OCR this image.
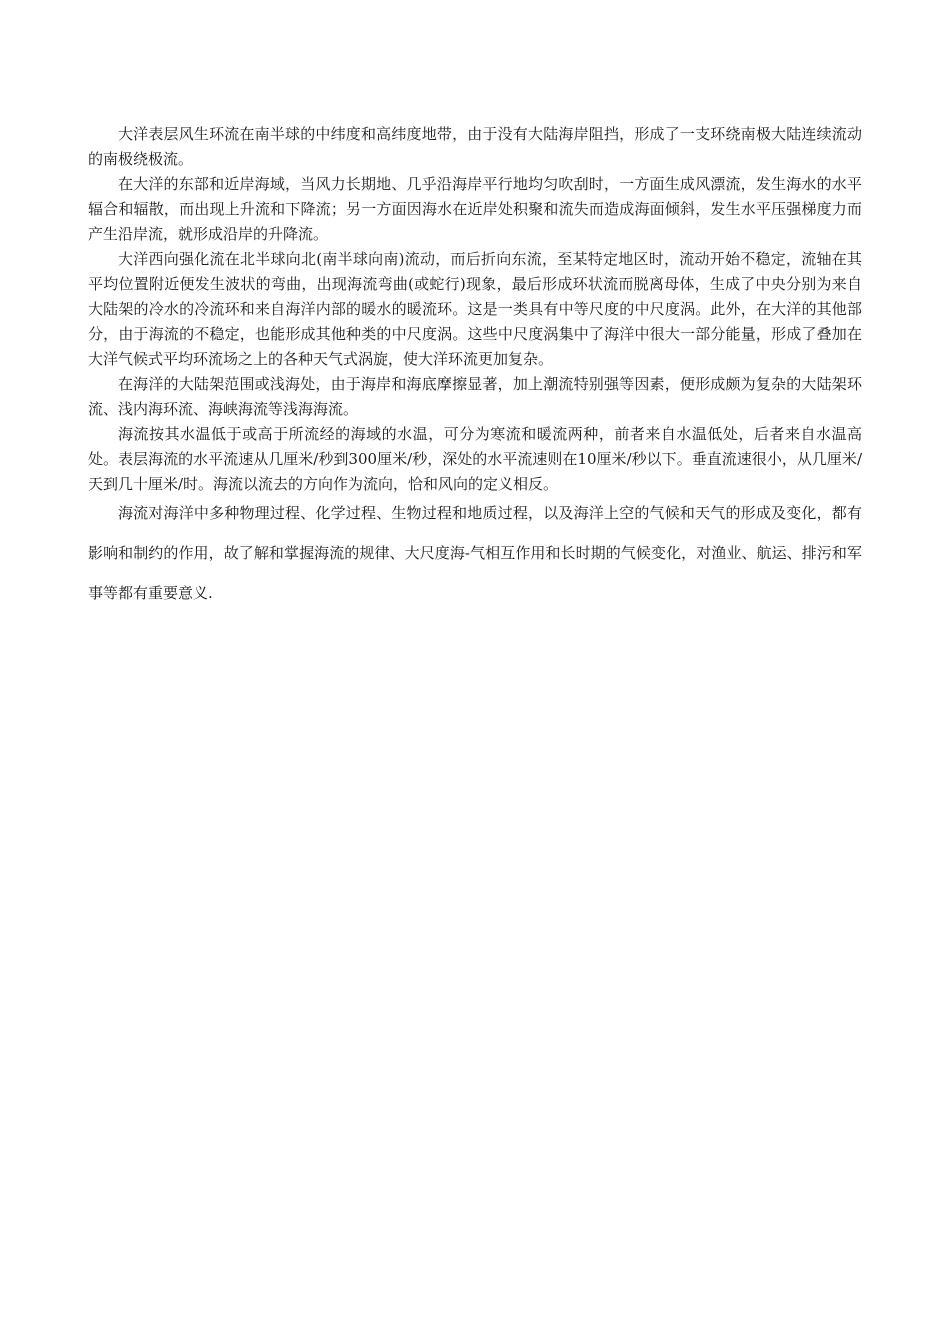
大洋表层风生环流在南半球的中纬度和高纬度地带，由于没有大陆海岸阻挡，形成了一支环绕南极大陆连续流动的南极绕极流。

在大洋的东部和近岸海域，当风力长期地、几乎沿海岸平行地均匀吹刮时，一方面生成风漂流，发生海水的水平辐合和辐散，而出现上升流和下降流；另一方面因海水在近岸处积聚和流失而造成海面倾斜，发生水平压强梯度力而产生沿岸流，就形成沿岸的升降流。

大洋西向强化流在北半球向北(南半球向南)流动，而后折向东流，至某特定地区时，流动开始不稳定，流轴在其平均位置附近便发生波状的弯曲，出现海流弯曲(或蛇行)现象，最后形成环状流而脱离母体，生成了中央分别为来自大陆架的冷水的冷流环和来自海洋内部的暖水的暖流环。这是一类具有中等尺度的中尺度涡。此外，在大洋的其他部分，由于海流的不稳定，也能形成其他种类的中尺度涡。这些中尺度涡集中了海洋中很大一部分能量，形成了叠加在大洋气候式平均环流场之上的各种天气式涡旋，使大洋环流更加复杂。

在海洋的大陆架范围或浅海处，由于海岸和海底摩擦显著，加上潮流特别强等因素，便形成颇为复杂的大陆架环流、浅内海环流、海峡海流等浅海海流。

海流按其水温低于或高于所流经的海域的水温，可分为寒流和暖流两种，前者来自水温低处，后者来自水温高处。表层海流的水平流速从几厘米/秒到300厘米/秒，深处的水平流速则在10厘米/秒以下。垂直流速很小，从几厘米/天到几十厘米/时。海流以流去的方向作为流向，恰和风向的定义相反。

海流对海洋中多种物理过程、化学过程、生物过程和地质过程，以及海洋上空的气候和天气的形成及变化，都有影响和制约的作用，故了解和掌握海流的规律、大尺度海-气相互作用和长时期的气候变化，对渔业、航运、排污和军事等都有重要意义.
